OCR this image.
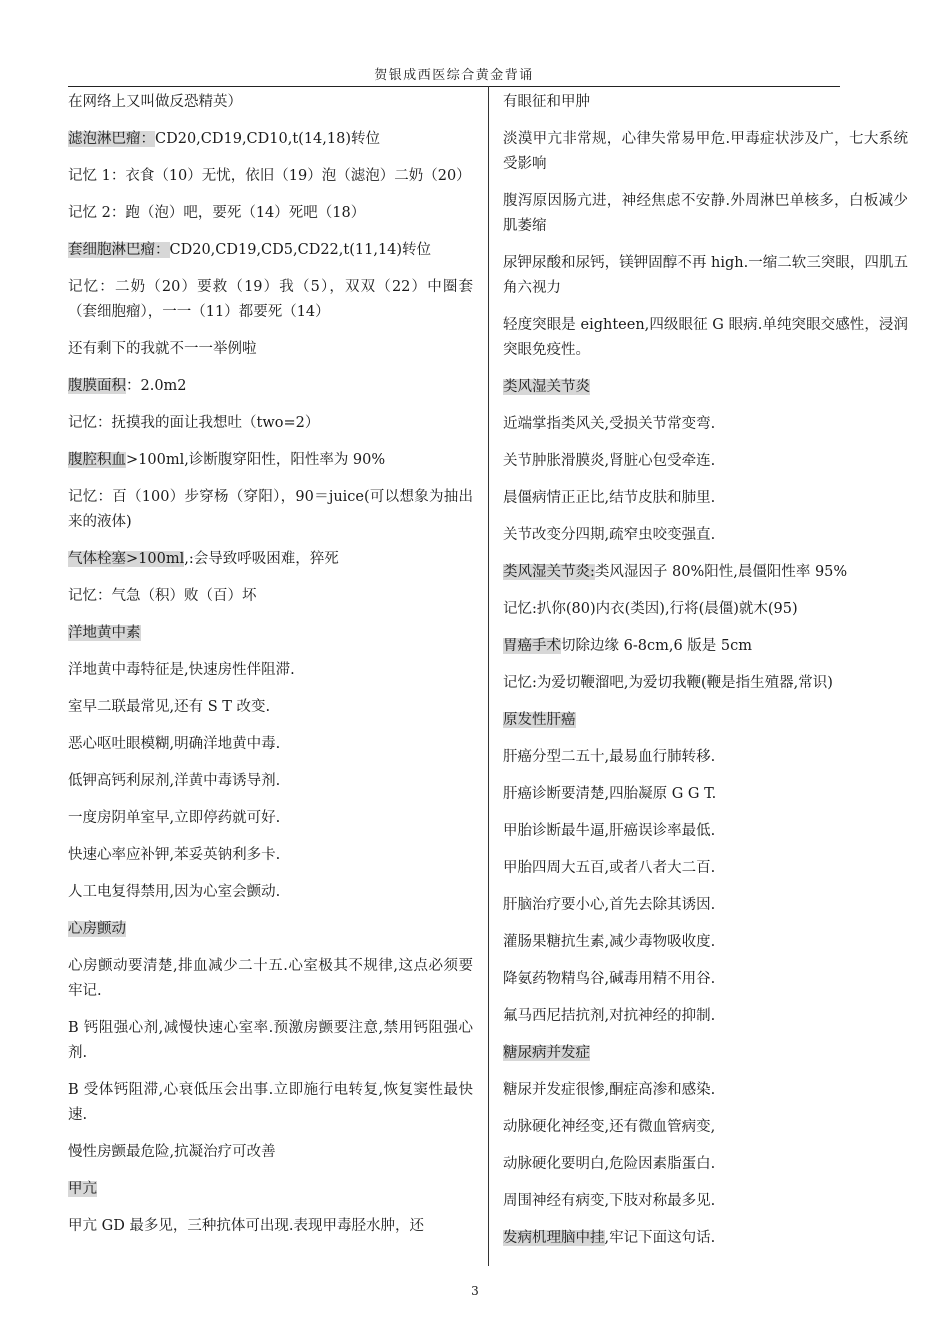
贺银成西医综合黄金背诵

在网络上又叫做反恐精英）

滤泡淋巴瘤：CD20,CD19,CD10,t(14,18)转位

记忆 1：衣食（10）无忧，依旧（19）泡（滤泡）二奶（20）

记忆 2：跑（泡）吧，要死（14）死吧（18）

套细胞淋巴瘤：CD20,CD19,CD5,CD22,t(11,14)转位

记忆：二奶（20）要救（19）我（5），双双（22）中圈套（套细胞瘤），一一（11）都要死（14）

还有剩下的我就不一一举例啦

腹膜面积：2.0m2

记忆：抚摸我的面让我想吐（two=2）

腹腔积血>100ml,诊断腹穿阳性，阳性率为 90%

记忆：百（100）步穿杨（穿阳），90＝juice(可以想象为抽出来的液体)

气体栓塞>100ml,:会导致呼吸困难，猝死

记忆：气急（积）败（百）坏

洋地黄中素

洋地黄中毒特征是,快速房性伴阻滞.

室早二联最常见,还有 S T 改变.

恶心呕吐眼模糊,明确洋地黄中毒.

低钾高钙利尿剂,洋黄中毒诱导剂.

一度房阴单室早,立即停药就可好.

快速心率应补钾,苯妥英钠利多卡.

人工电复得禁用,因为心室会颤动.

心房颤动

心房颤动要清楚,排血减少二十五.心室极其不规律,这点必须要牢记.

B 钙阻强心剂,减慢快速心室率.预激房颤要注意,禁用钙阻强心剂.

B 受体钙阻滞,心衰低压会出事.立即施行电转复,恢复窦性最快速.

慢性房颤最危险,抗凝治疗可改善

甲亢

甲亢 GD 最多见，三种抗体可出现.表现甲毒胫水肿，还

有眼征和甲肿

淡漠甲亢非常规，心律失常易甲危.甲毒症状涉及广，七大系统受影响

腹泻原因肠亢进，神经焦虑不安静.外周淋巴单核多，白板减少肌萎缩

尿钾尿酸和尿钙，镁钾固醇不再 high.一缩二软三突眼，四肌五角六视力

轻度突眼是 eighteen,四级眼征 G 眼病.单纯突眼交感性，浸润突眼免疫性。

类风湿关节炎

近端掌指类风关,受损关节常变弯.

关节肿胀滑膜炎,肾脏心包受牵连.

晨僵病情正正比,结节皮肤和肺里.

关节改变分四期,疏窄虫咬变强直.

类风湿关节炎:类风湿因子 80%阳性,晨僵阳性率 95%

记忆:扒你(80)内衣(类因),行将(晨僵)就木(95)

胃癌手术切除边缘 6-8cm,6 版是 5cm

记忆:为爱切鞭溜吧,为爱切我鞭(鞭是指生殖器,常识)

原发性肝癌

肝癌分型二五十,最易血行肺转移.

肝癌诊断要清楚,四胎凝原 G G T.

甲胎诊断最牛逼,肝癌误诊率最低.

甲胎四周大五百,或者八者大二百.

肝脑治疗要小心,首先去除其诱因.

灌肠果糖抗生素,减少毒物吸收度.

降氨药物精鸟谷,碱毒用精不用谷.

氟马西尼拮抗剂,对抗神经的抑制.

糖尿病并发症

糖尿并发症很惨,酮症高渗和感染.

动脉硬化神经变,还有微血管病变,

动脉硬化要明白,危险因素脂蛋白.

周围神经有病变,下肢对称最多见.

发病机理脑中挂,牢记下面这句话.

3
